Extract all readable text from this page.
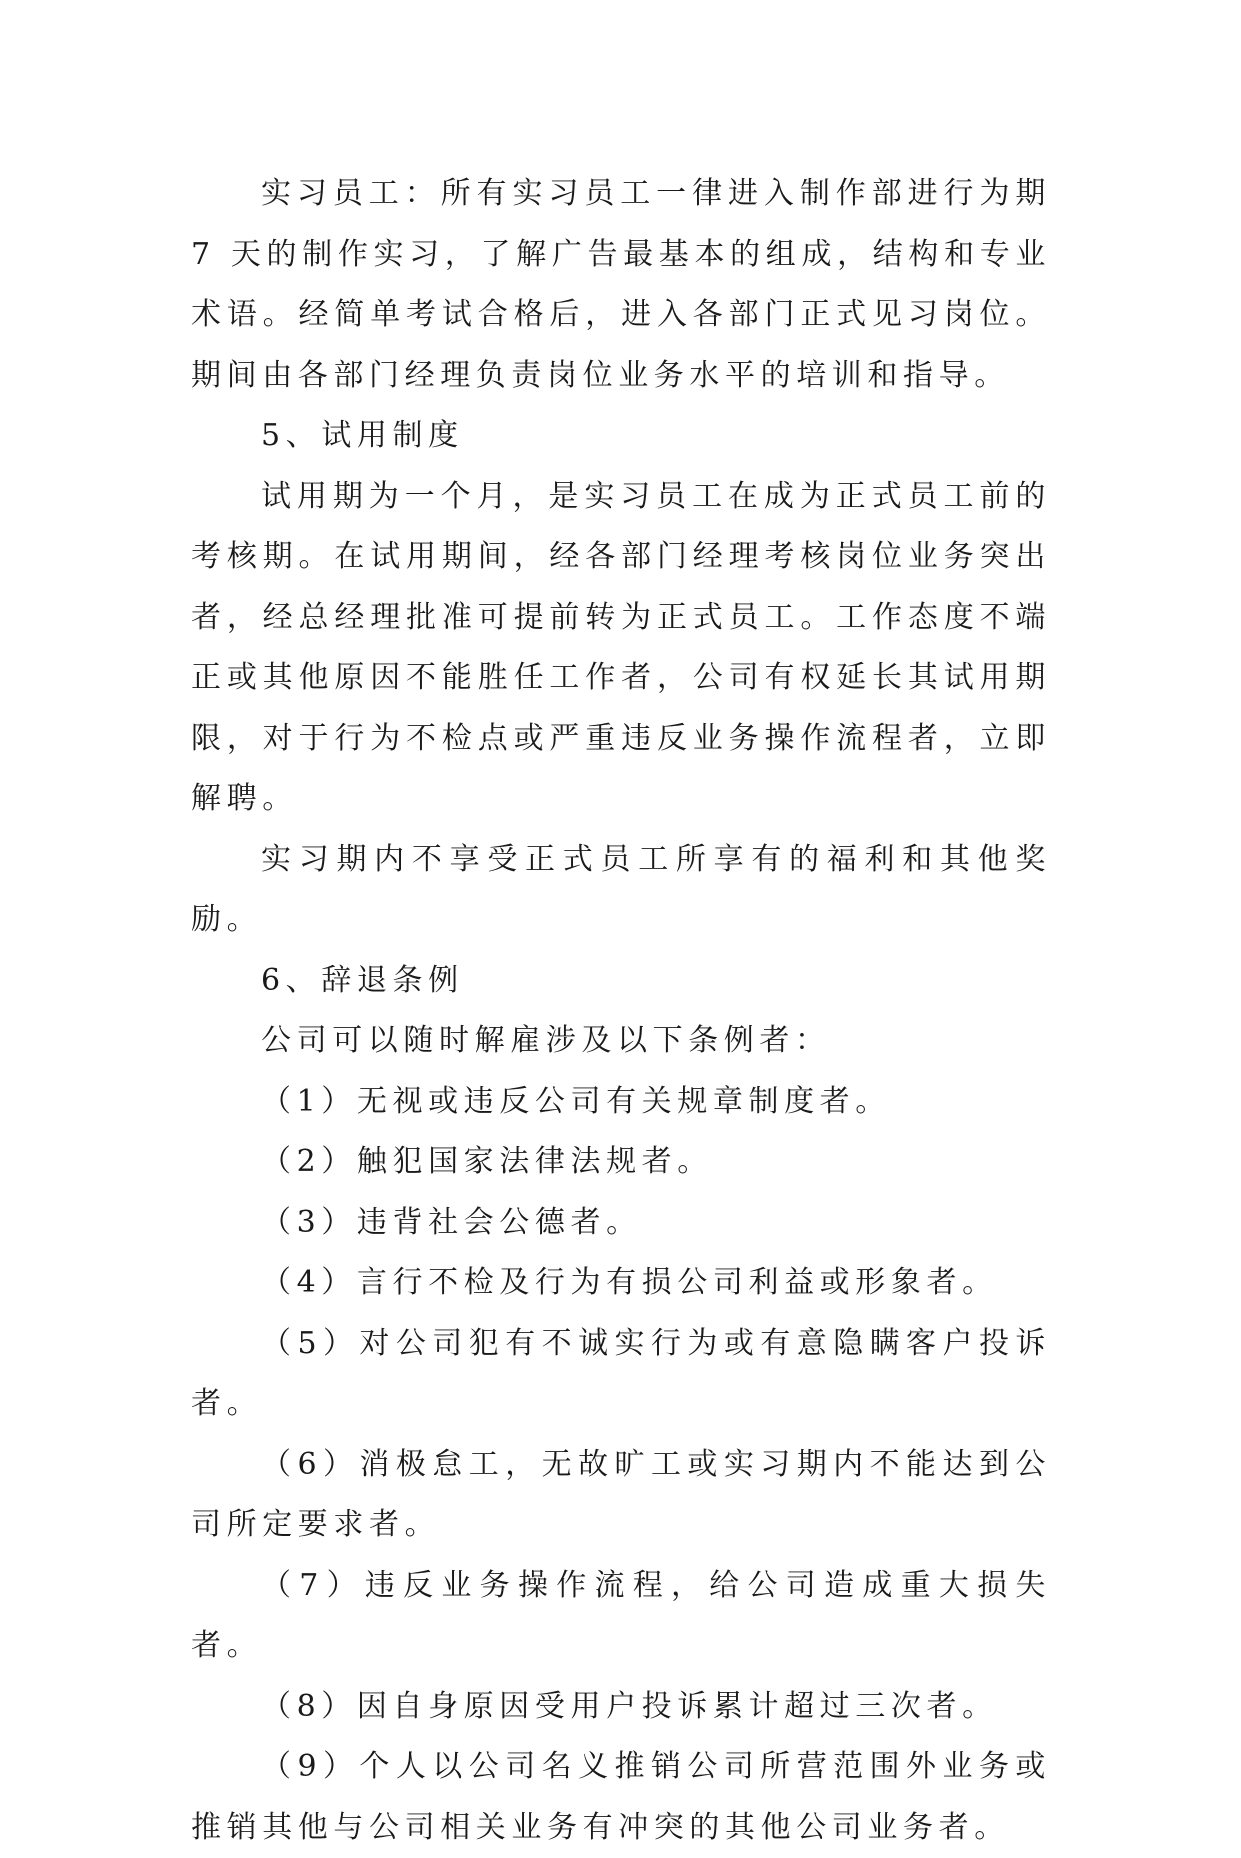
实习员工：所有实习员工一律进入制作部进行为期 7 天的制作实习，了解广告最基本的组成，结构和专业术语。经简单考试合格后，进入各部门正式见习岗位。期间由各部门经理负责岗位业务水平的培训和指导。

5、试用制度

试用期为一个月，是实习员工在成为正式员工前的考核期。在试用期间，经各部门经理考核岗位业务突出者，经总经理批准可提前转为正式员工。工作态度不端正或其他原因不能胜任工作者，公司有权延长其试用期限，对于行为不检点或严重违反业务操作流程者，立即解聘。

实习期内不享受正式员工所享有的福利和其他奖励。

6、辞退条例

公司可以随时解雇涉及以下条例者：

（1）无视或违反公司有关规章制度者。

（2）触犯国家法律法规者。

（3）违背社会公德者。

（4）言行不检及行为有损公司利益或形象者。

（5）对公司犯有不诚实行为或有意隐瞒客户投诉者。

（6）消极怠工，无故旷工或实习期内不能达到公司所定要求者。

（7）违反业务操作流程，给公司造成重大损失者。

（8）因自身原因受用户投诉累计超过三次者。

（9）个人以公司名义推销公司所营范围外业务或推销其他与公司相关业务有冲突的其他公司业务者。
